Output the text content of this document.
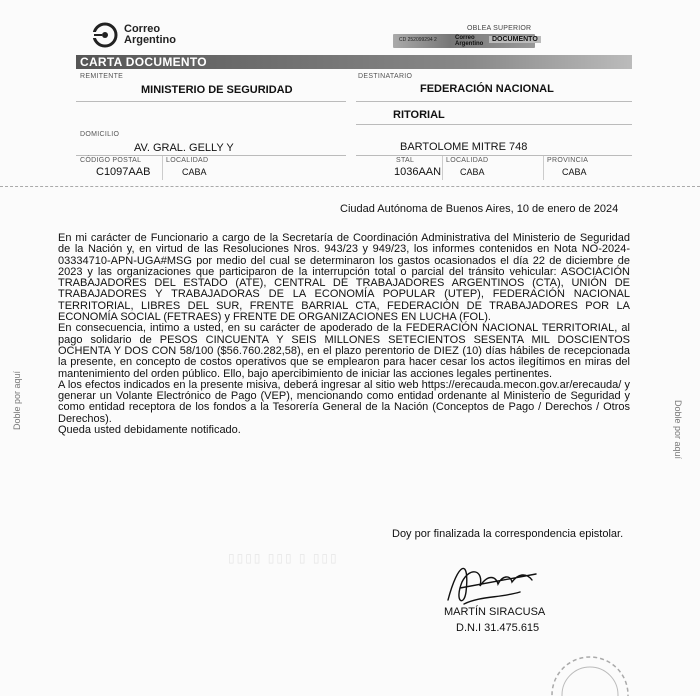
Correo
Argentino
OBLEA SUPERIOR
CD 252099294 2	Correo
Argentino
DOCUMENTO
CARTA DOCUMENTO
REMITENTE
MINISTERIO DE SEGURIDAD
DOMICILIO
AV. GRAL. GELLY Y
CÓDIGO POSTAL
C1097AAB
LOCALIDAD
CABA
DESTINATARIO
FEDERACIÓN NACIONAL
RITORIAL
BARTOLOME MITRE 748
STAL
1036AAN
LOCALIDAD
CABA
PROVINCIA
CABA
Ciudad Autónoma de Buenos Aires, 10 de enero de 2024

En mi carácter de Funcionario a cargo de la Secretaría de Coordinación Administrativa del Ministerio de Seguridad de la Nación y, en virtud de las Resoluciones Nros. 943/23 y 949/23, los informes contenidos en Nota NO-2024-03334710-APN-UGA#MSG por medio del cual se determinaron los gastos ocasionados el día 22 de diciembre de 2023 y las organizaciones que participaron de la interrupción total o parcial del tránsito vehicular: ASOCIACIÓN TRABAJADORES DEL ESTADO (ATE), CENTRAL DE TRABAJADORES ARGENTINOS (CTA), UNIÓN DE TRABAJADORES Y TRABAJADORAS DE LA ECONOMÍA POPULAR (UTEP), FEDERACIÓN NACIONAL TERRITORIAL, LIBRES DEL SUR, FRENTE BARRIAL CTA, FEDERACIÓN DE TRABAJADORES POR LA ECONOMÍA SOCIAL (FETRAES) y FRENTE DE ORGANIZACIONES EN LUCHA (FOL).

En consecuencia, intimo a usted, en su carácter de apoderado de la FEDERACIÓN NACIONAL TERRITORIAL, al pago solidario de PESOS CINCUENTA Y SEIS MILLONES SETECIENTOS SESENTA MIL DOSCIENTOS OCHENTA Y DOS CON 58/100 ($56.760.282,58), en el plazo perentorio de DIEZ (10) días hábiles de recepcionada la presente, en concepto de costos operativos que se emplearon para hacer cesar los actos ilegítimos en miras del mantenimiento del orden público. Ello, bajo apercibimiento de iniciar las acciones legales pertinentes.

A los efectos indicados en la presente misiva, deberá ingresar al sitio web https://erecauda.mecon.gov.ar/erecauda/ y generar un Volante Electrónico de Pago (VEP), mencionando como entidad ordenante al Ministerio de Seguridad y como entidad receptora de los fondos a la Tesorería General de la Nación (Conceptos de Pago / Derechos / Otros Derechos).

Queda usted debidamente notificado.

▯▯▯▯ ▯▯▯ ▯ ▯▯▯
Doy por finalizada la correspondencia epistolar.
MARTÍN SIRACUSA
D.N.I 31.475.615
Doble por aquí	Doble por aquí
